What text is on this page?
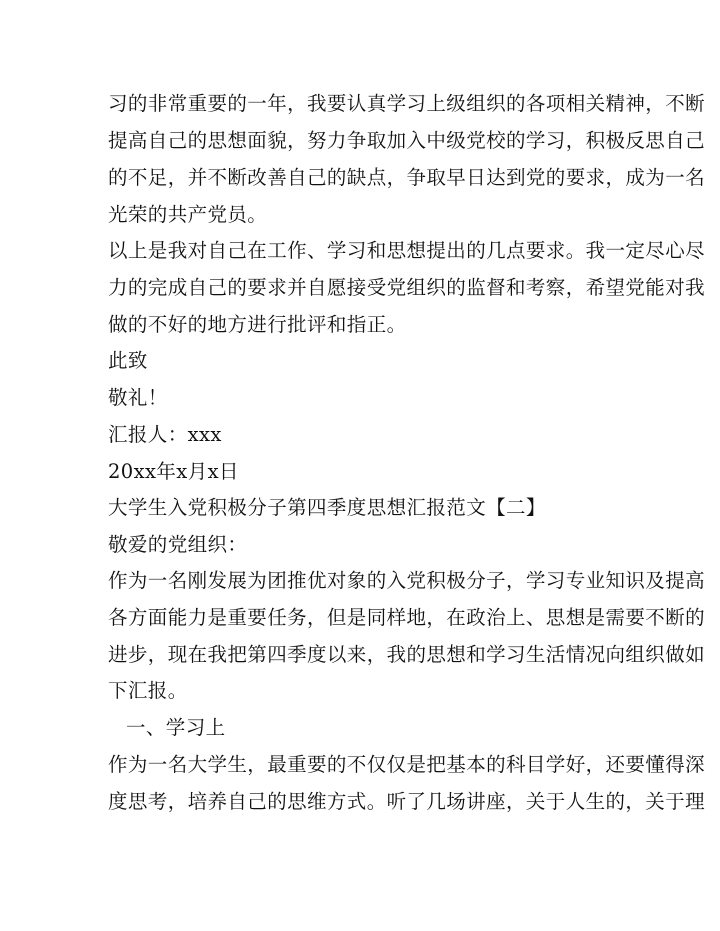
习的非常重要的一年，我要认真学习上级组织的各项相关精神，不断
提高自己的思想面貌，努力争取加入中级党校的学习，积极反思自己
的不足，并不断改善自己的缺点，争取早日达到党的要求，成为一名
光荣的共产党员。
以上是我对自己在工作、学习和思想提出的几点要求。我一定尽心尽
力的完成自己的要求并自愿接受党组织的监督和考察，希望党能对我
做的不好的地方进行批评和指正。
此致
敬礼！
汇报人：xxx
20xx年x月x日
大学生入党积极分子第四季度思想汇报范文【二】
敬爱的党组织：
作为一名刚发展为团推优对象的入党积极分子，学习专业知识及提高
各方面能力是重要任务，但是同样地，在政治上、思想是需要不断的
进步，现在我把第四季度以来，我的思想和学习生活情况向组织做如
下汇报。
一、学习上
作为一名大学生，最重要的不仅仅是把基本的科目学好，还要懂得深
度思考，培养自己的思维方式。听了几场讲座，关于人生的，关于理
